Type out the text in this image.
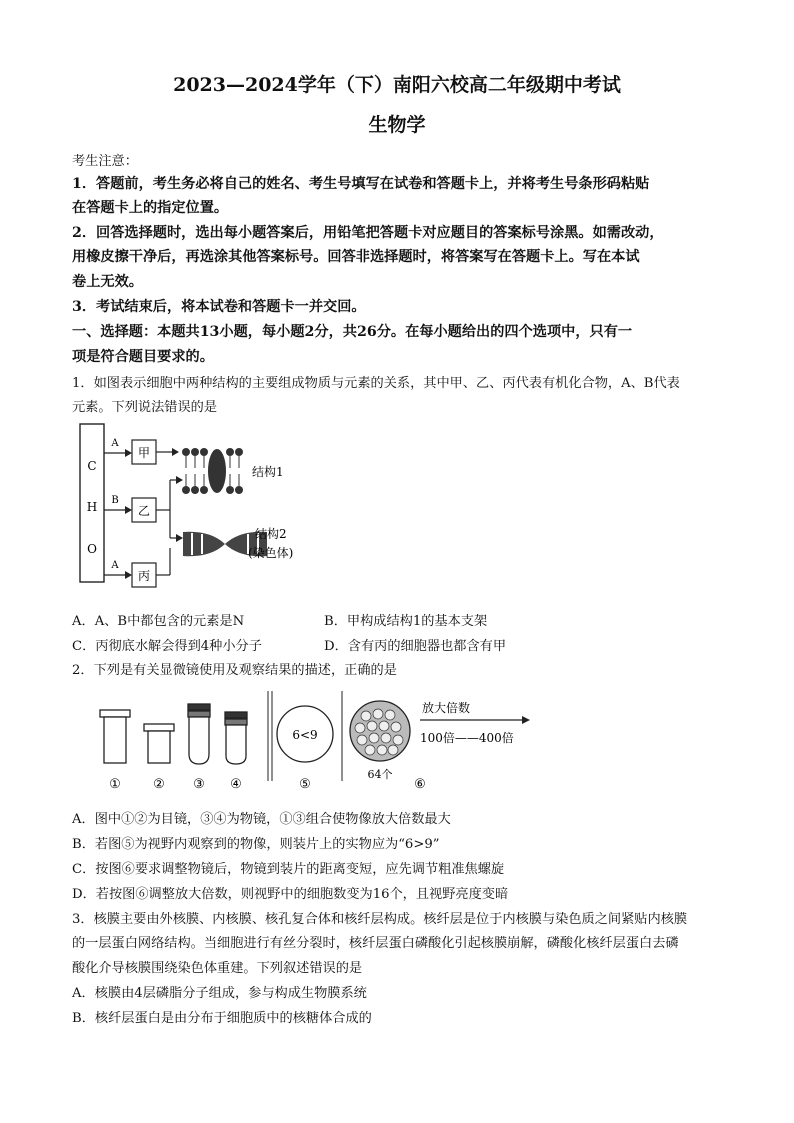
2023—2024学年（下）南阳六校高二年级期中考试
生物学
考生注意：
1．答题前，考生务必将自己的姓名、考生号填写在试卷和答题卡上，并将考生号条形码粘贴
在答题卡上的指定位置。
2．回答选择题时，选出每小题答案后，用铅笔把答题卡对应题目的答案标号涂黑。如需改动，
用橡皮擦干净后，再选涂其他答案标号。回答非选择题时，将答案写在答题卡上。写在本试
卷上无效。
3．考试结束后，将本试卷和答题卡一并交回。
一、选择题：本题共13小题，每小题2分，共26分。在每小题给出的四个选项中，只有一
项是符合题目要求的。
1．如图表示细胞中两种结构的主要组成物质与元素的关系，其中甲、乙、丙代表有机化合物，A、B代表
元素。下列说法错误的是
C
H
O
A
B
A
甲
乙
丙
结构1
结构2
(染色体)
A．A、B中都包含的元素是N	B．甲构成结构1的基本支架
C．丙彻底水解会得到4种小分子	D．含有丙的细胞器也都含有甲
2．下列是有关显微镜使用及观察结果的描述，正确的是
6<9
64个
放大倍数
100倍——400倍
① ② ③ ④	⑤	⑥
A．图中①②为目镜，③④为物镜，①③组合使物像放大倍数最大
B．若图⑤为视野内观察到的物像，则装片上的实物应为“6>9”
C．按图⑥要求调整物镜后，物镜到装片的距离变短，应先调节粗准焦螺旋
D．若按图⑥调整放大倍数，则视野中的细胞数变为16个，且视野亮度变暗
3．核膜主要由外核膜、内核膜、核孔复合体和核纤层构成。核纤层是位于内核膜与染色质之间紧贴内核膜
的一层蛋白网络结构。当细胞进行有丝分裂时，核纤层蛋白磷酸化引起核膜崩解，磷酸化核纤层蛋白去磷
酸化介导核膜围绕染色体重建。下列叙述错误的是
A．核膜由4层磷脂分子组成，参与构成生物膜系统
B．核纤层蛋白是由分布于细胞质中的核糖体合成的
